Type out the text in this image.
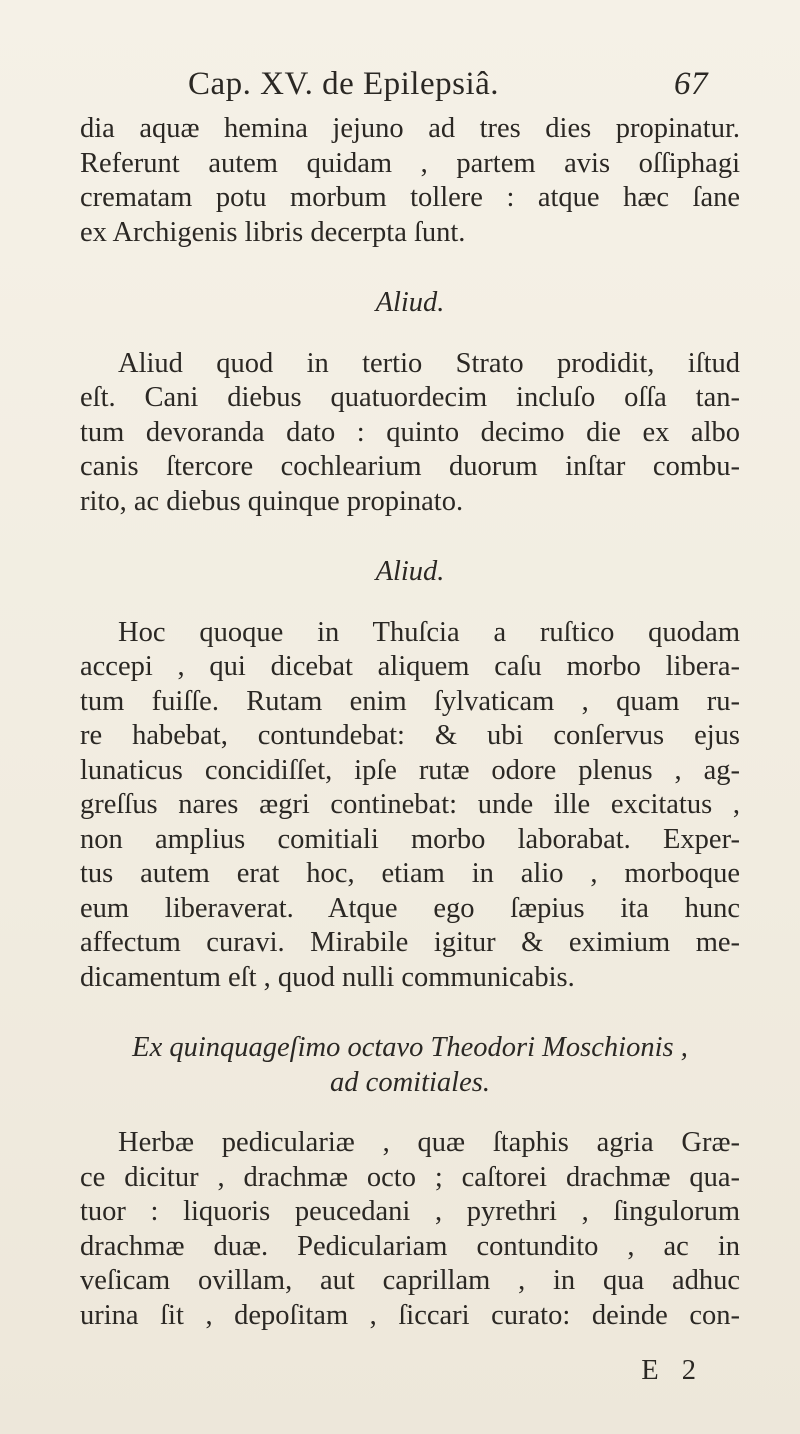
Cap. XV. de Epilepsiâ.	67
dia aquæ hemina jejuno ad tres dies propinatur.
Referunt autem quidam , partem avis oſſiphagi
crematam potu morbum tollere : atque hæc ſane
ex Archigenis libris decerpta ſunt.
Aliud.
Aliud quod in tertio Strato prodidit, iſtud
eſt. Cani diebus quatuordecim incluſo oſſa tan-
tum devoranda dato : quinto decimo die ex albo
canis ſtercore cochlearium duorum inſtar combu-
rito, ac diebus quinque propinato.
Aliud.
Hoc quoque in Thuſcia a ruſtico quodam
accepi , qui dicebat aliquem caſu morbo libera-
tum fuiſſe. Rutam enim ſylvaticam , quam ru-
re habebat, contundebat: & ubi conſervus ejus
lunaticus concidiſſet, ipſe rutæ odore plenus , ag-
greſſus nares ægri continebat: unde ille excitatus ,
non amplius comitiali morbo laborabat. Exper-
tus autem erat hoc, etiam in alio , morboque
eum liberaverat. Atque ego ſæpius ita hunc
affectum curavi. Mirabile igitur & eximium me-
dicamentum eſt , quod nulli communicabis.
Ex quinquageſimo octavo Theodori Moschionis ,
ad comitiales.
Herbæ pediculariæ , quæ ſtaphis agria Græ-
ce dicitur , drachmæ octo ; caſtorei drachmæ qua-
tuor : liquoris peucedani , pyrethri , ſingulorum
drachmæ duæ. Pediculariam contundito , ac in
veſicam ovillam, aut caprillam , in qua adhuc
urina ſit , depoſitam , ſiccari curato: deinde con-
E 2
